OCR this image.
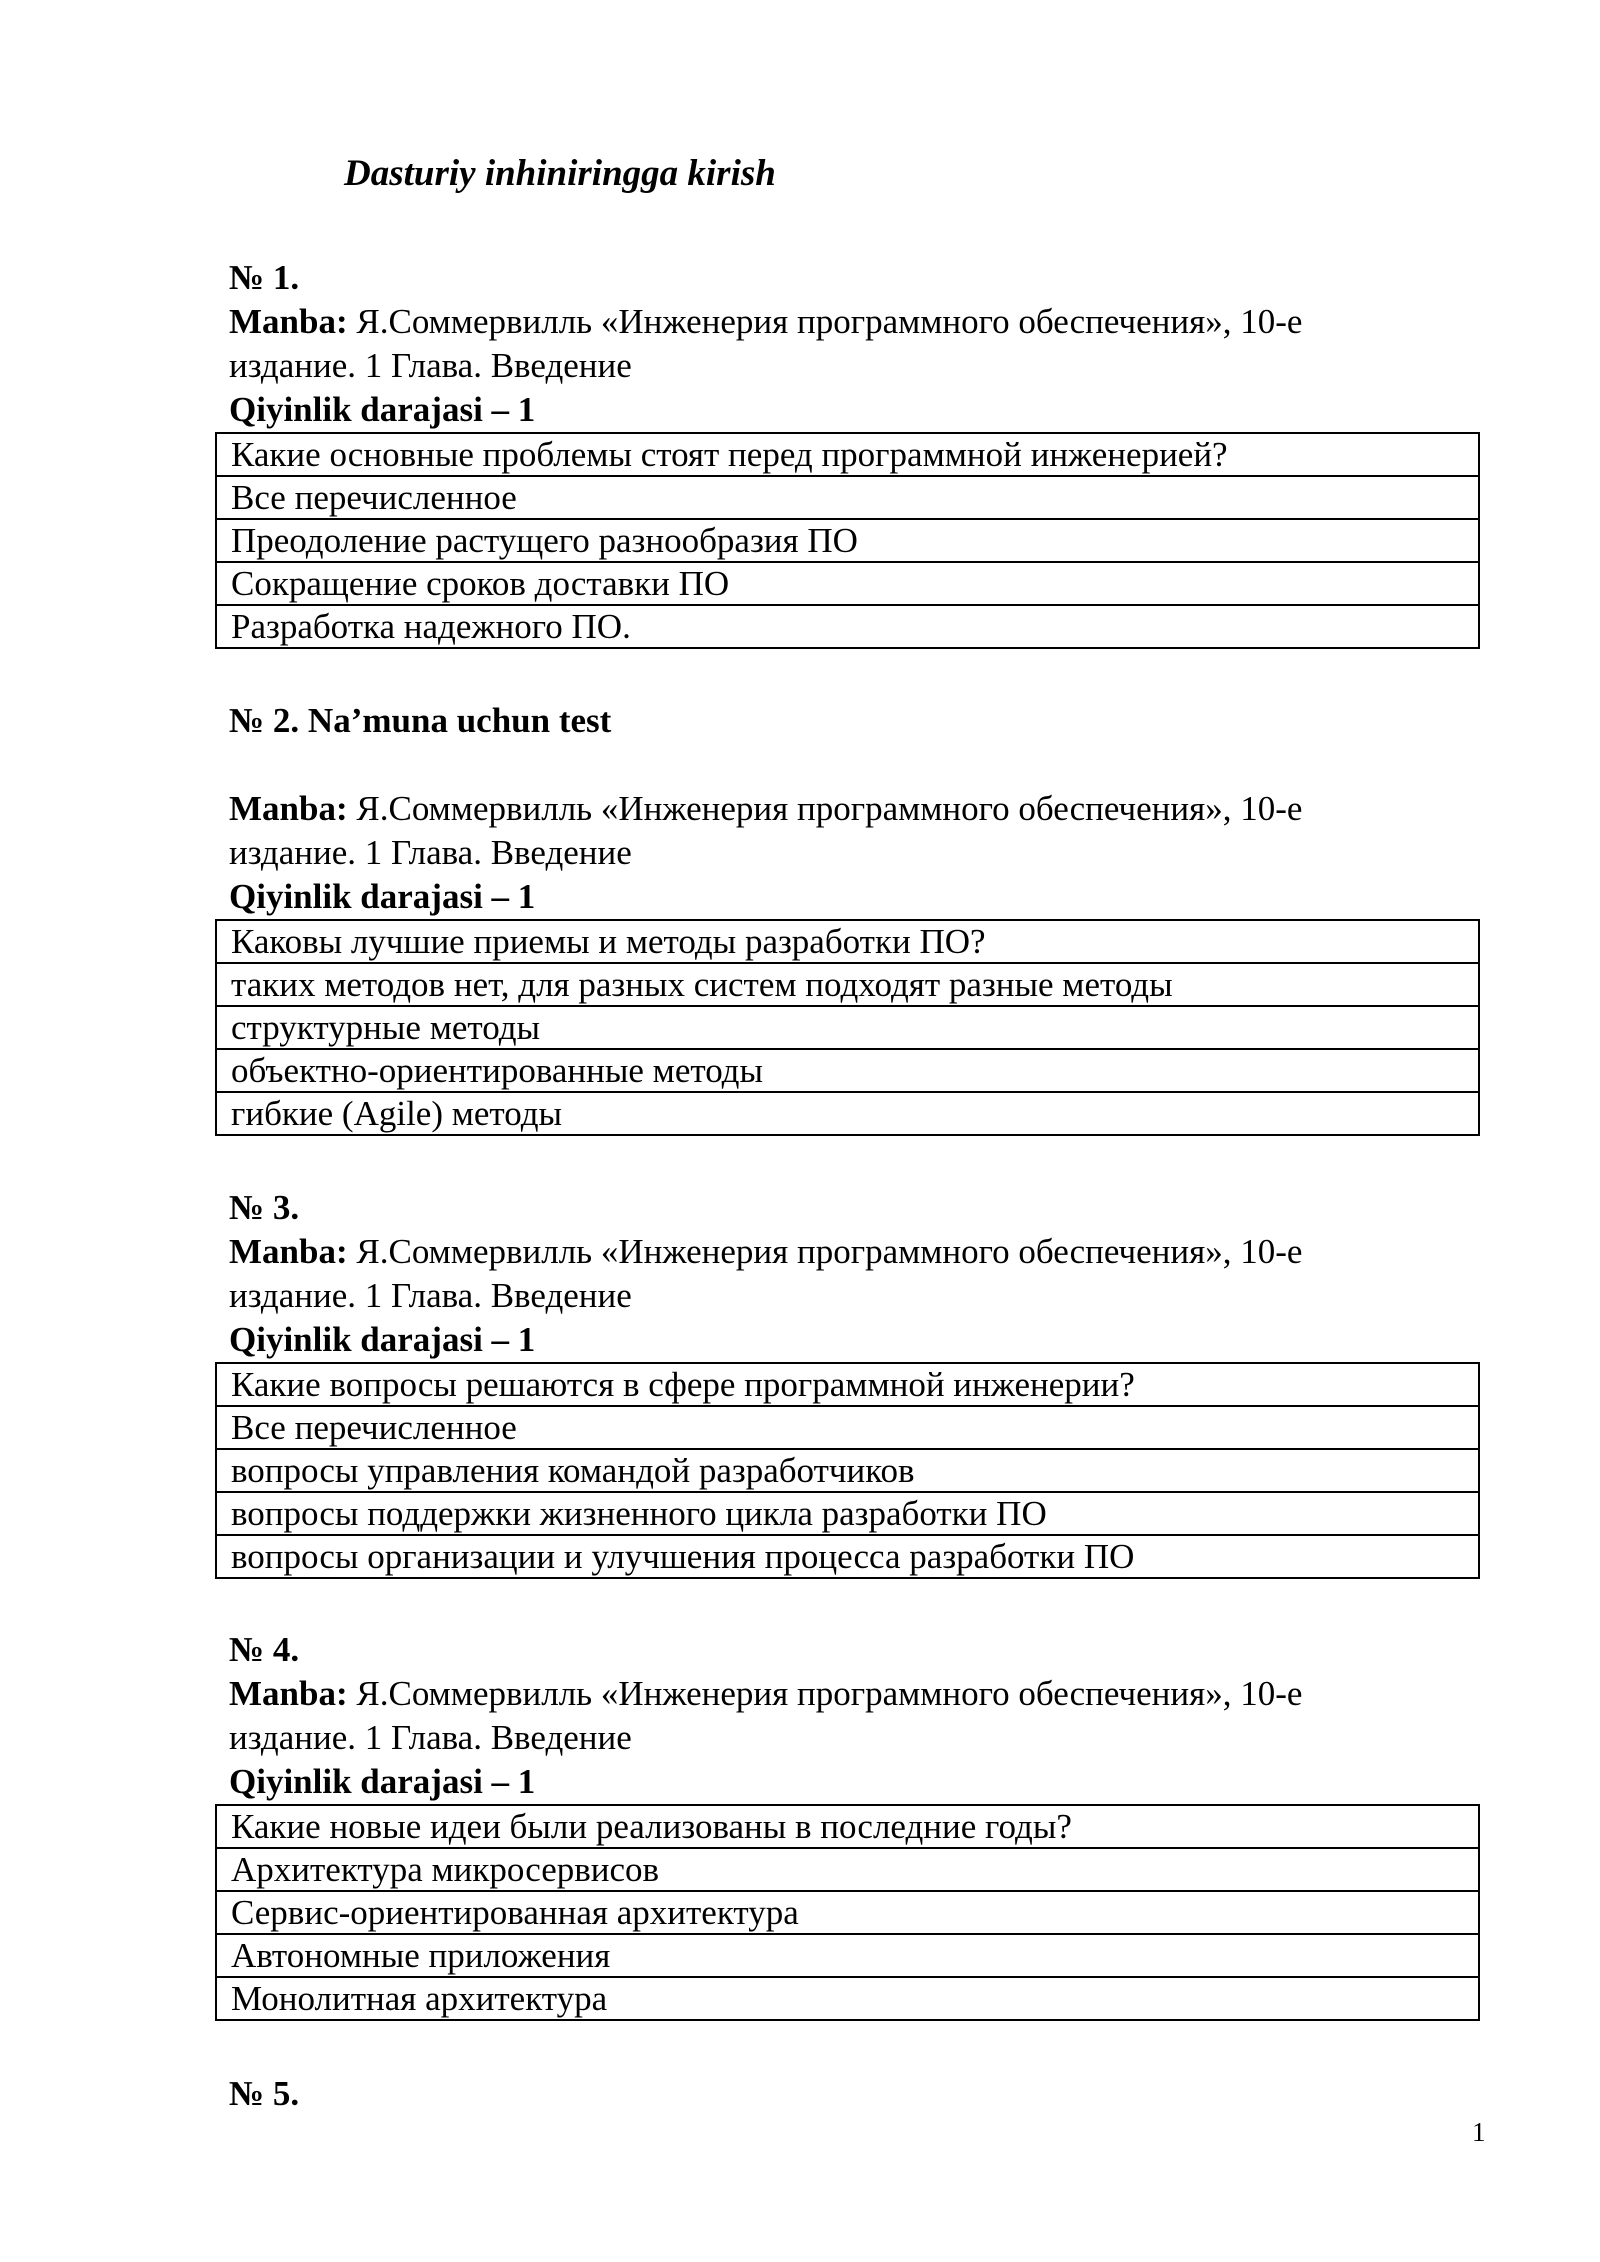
Dasturiy inhiniringga kirish
№ 1.
Manba: Я.Соммервилль «Инженерия программного обеспечения», 10-е
издание. 1 Глава. Введение
Qiyinlik darajasi – 1
Какие основные проблемы стоят перед программной инженерией?
Все перечисленное
Преодоление растущего разнообразия ПО
Сокращение сроков доставки ПО
Разработка надежного ПО.
№ 2. Na’muna uchun test
Manba: Я.Соммервилль «Инженерия программного обеспечения», 10-е
издание. 1 Глава. Введение
Qiyinlik darajasi – 1
Каковы лучшие приемы и методы разработки ПО?
таких методов нет, для разных систем подходят разные методы
структурные методы
объектно-ориентированные методы
гибкие (Agile) методы
№ 3.
Manba: Я.Соммервилль «Инженерия программного обеспечения», 10-е
издание. 1 Глава. Введение
Qiyinlik darajasi – 1
Какие вопросы решаются в сфере программной инженерии?
Все перечисленное
вопросы управления командой разработчиков
вопросы поддержки жизненного цикла разработки ПО
вопросы организации и улучшения процесса разработки ПО
№ 4.
Manba: Я.Соммервилль «Инженерия программного обеспечения», 10-е
издание. 1 Глава. Введение
Qiyinlik darajasi – 1
Какие новые идеи были реализованы в последние годы?
Архитектура микросервисов
Сервис-ориентированная архитектура
Автономные приложения
Монолитная архитектура
№ 5.
1
